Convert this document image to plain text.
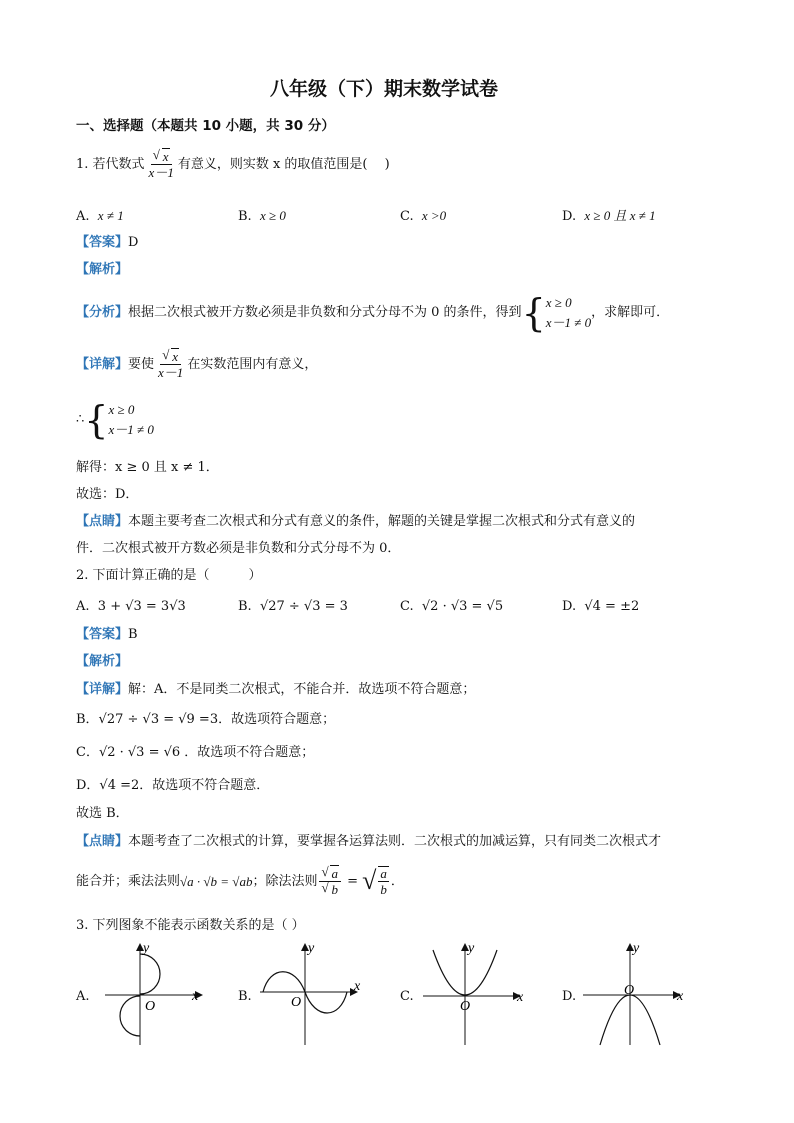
八年级（下）期末数学试卷
一、选择题（本题共 10 小题，共 30 分）
1. 若代数式 √ $\frac{x}{x-1}$ 有意义，则实数 x 的取值范围是(　 )
A. x ≠ 1	B. x ≥ 0	C. x >0	D. x ≥ 0 且 x ≠ 1
【答案】D
【解析】
【分析】 根据二次根式被开方数必须是非负数和分式分母不为 0 的条件，得到 { x ≥ 0
x－1 ≠ 0
，求解即可．
【详解】 要使 √ $\frac{x}{x-1}$ 在实数范围内有意义，
∴ { x ≥ 0
x－1 ≠ 0
解得：x ≥ 0 且 x ≠ 1．
故选：D．
【点睛】本题主要考查二次根式和分式有意义的条件，解题的关键是掌握二次根式和分式有意义的
件．二次根式被开方数必须是非负数和分式分母不为 0．
2. 下面计算正确的是（　　　）
A. 3 + √3 = 3√3	B. √27 ÷ √3 = 3	C. √2 · √3 = √5	D. √4 = ±2
【答案】B
【解析】
【详解】解：A．不是同类二次根式，不能合并．故选项不符合题意；
B．√27 ÷ √3 = √9 =3．故选项符合题意；
C．√2 · √3 = √6 ．故选项不符合题意；
D．√4 =2．故选项不符合题意．
故选 B．
【点睛】本题考查了二次根式的计算，要掌握各运算法则．二次根式的加减运算，只有同类二次根式才
能合并；乘法法则 √a · √b = √ab ；除法法则 √ a
√ b = √ $\frac{a}{b}$ ．
3. 下列图象不能表示函数关系的是（ ）
A.	B.	C.	D.
y
x
O
y
x
O
y
x
O
y
x
O
